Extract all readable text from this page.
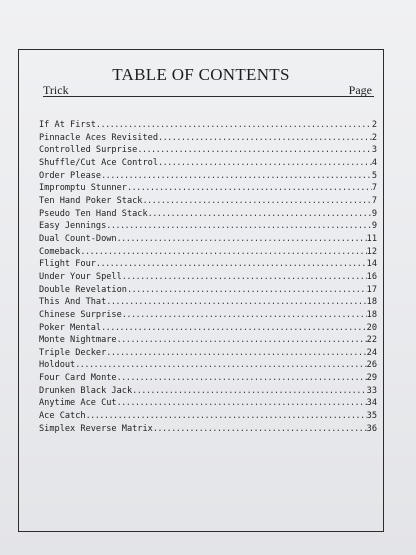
TABLE OF CONTENTS
Trick	Page
If At First .....	2
Pinnacle Aces Revisited .....	2
Controlled Surprise .....	3
Shuffle/Cut Ace Control .....	4
Order Please .....	5
Impromptu Stunner .....	7
Ten Hand Poker Stack .....	7
Pseudo Ten Hand Stack .....	9
Easy Jennings .....	9
Dual Count-Down .....	11
Comeback .....	12
Flight Four .....	14
Under Your Spell .....	16
Double Revelation .....	17
This And That .....	18
Chinese Surprise .....	18
Poker Mental .....	20
Monte Nightmare .....	22
Triple Decker .....	24
Holdout .....	26
Four Card Monte .....	29
Drunken Black Jack .....	33
Anytime Ace Cut .....	34
Ace Catch .....	35
Simplex Reverse Matrix .....	36
